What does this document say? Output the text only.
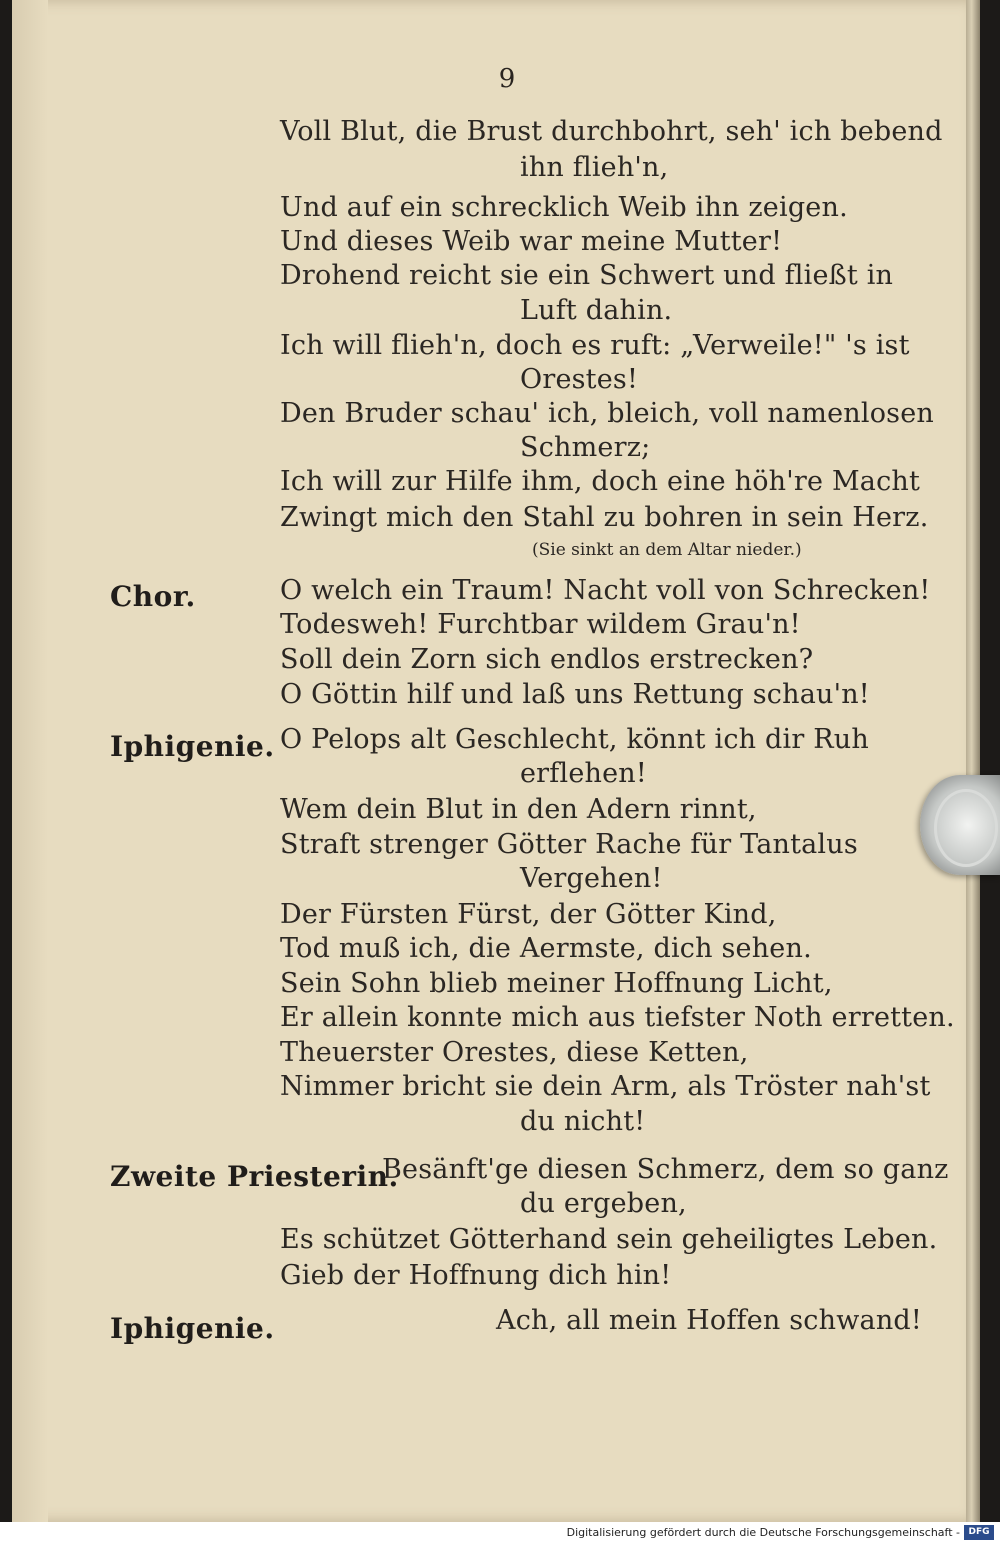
9
Voll Blut, die Brust durchbohrt, seh' ich bebend
ihn flieh'n,
Und auf ein schrecklich Weib ihn zeigen.
Und dieses Weib war meine Mutter!
Drohend reicht sie ein Schwert und fließt in
Luft dahin.
Ich will flieh'n, doch es ruft: „Verweile!" 's ist
Orestes!
Den Bruder schau' ich, bleich, voll namenlosen
Schmerz;
Ich will zur Hilfe ihm, doch eine höh're Macht
Zwingt mich den Stahl zu bohren in sein Herz.
(Sie sinkt an dem Altar nieder.)
Chor.	O welch ein Traum! Nacht voll von Schrecken!
Todesweh! Furchtbar wildem Grau'n!
Soll dein Zorn sich endlos erstrecken?
O Göttin hilf und laß uns Rettung schau'n!
Iphigenie. O Pelops alt Geschlecht, könnt ich dir Ruh
erflehen!
Wem dein Blut in den Adern rinnt,
Straft strenger Götter Rache für Tantalus
Vergehen!
Der Fürsten Fürst, der Götter Kind,
Tod muß ich, die Aermste, dich sehen.
Sein Sohn blieb meiner Hoffnung Licht,
Er allein konnte mich aus tiefster Noth erretten.
Theuerster Orestes, diese Ketten,
Nimmer bricht sie dein Arm, als Tröster nah'st
du nicht!
Zweite Priesterin.
Besänft'ge diesen Schmerz, dem so ganz
du ergeben,
Es schützet Götterhand sein geheiligtes Leben.
Gieb der Hoffnung dich hin!
Iphigenie.	Ach, all mein Hoffen schwand!
Digitalisierung gefördert durch die Deutsche Forschungsgemeinschaft - DFG
